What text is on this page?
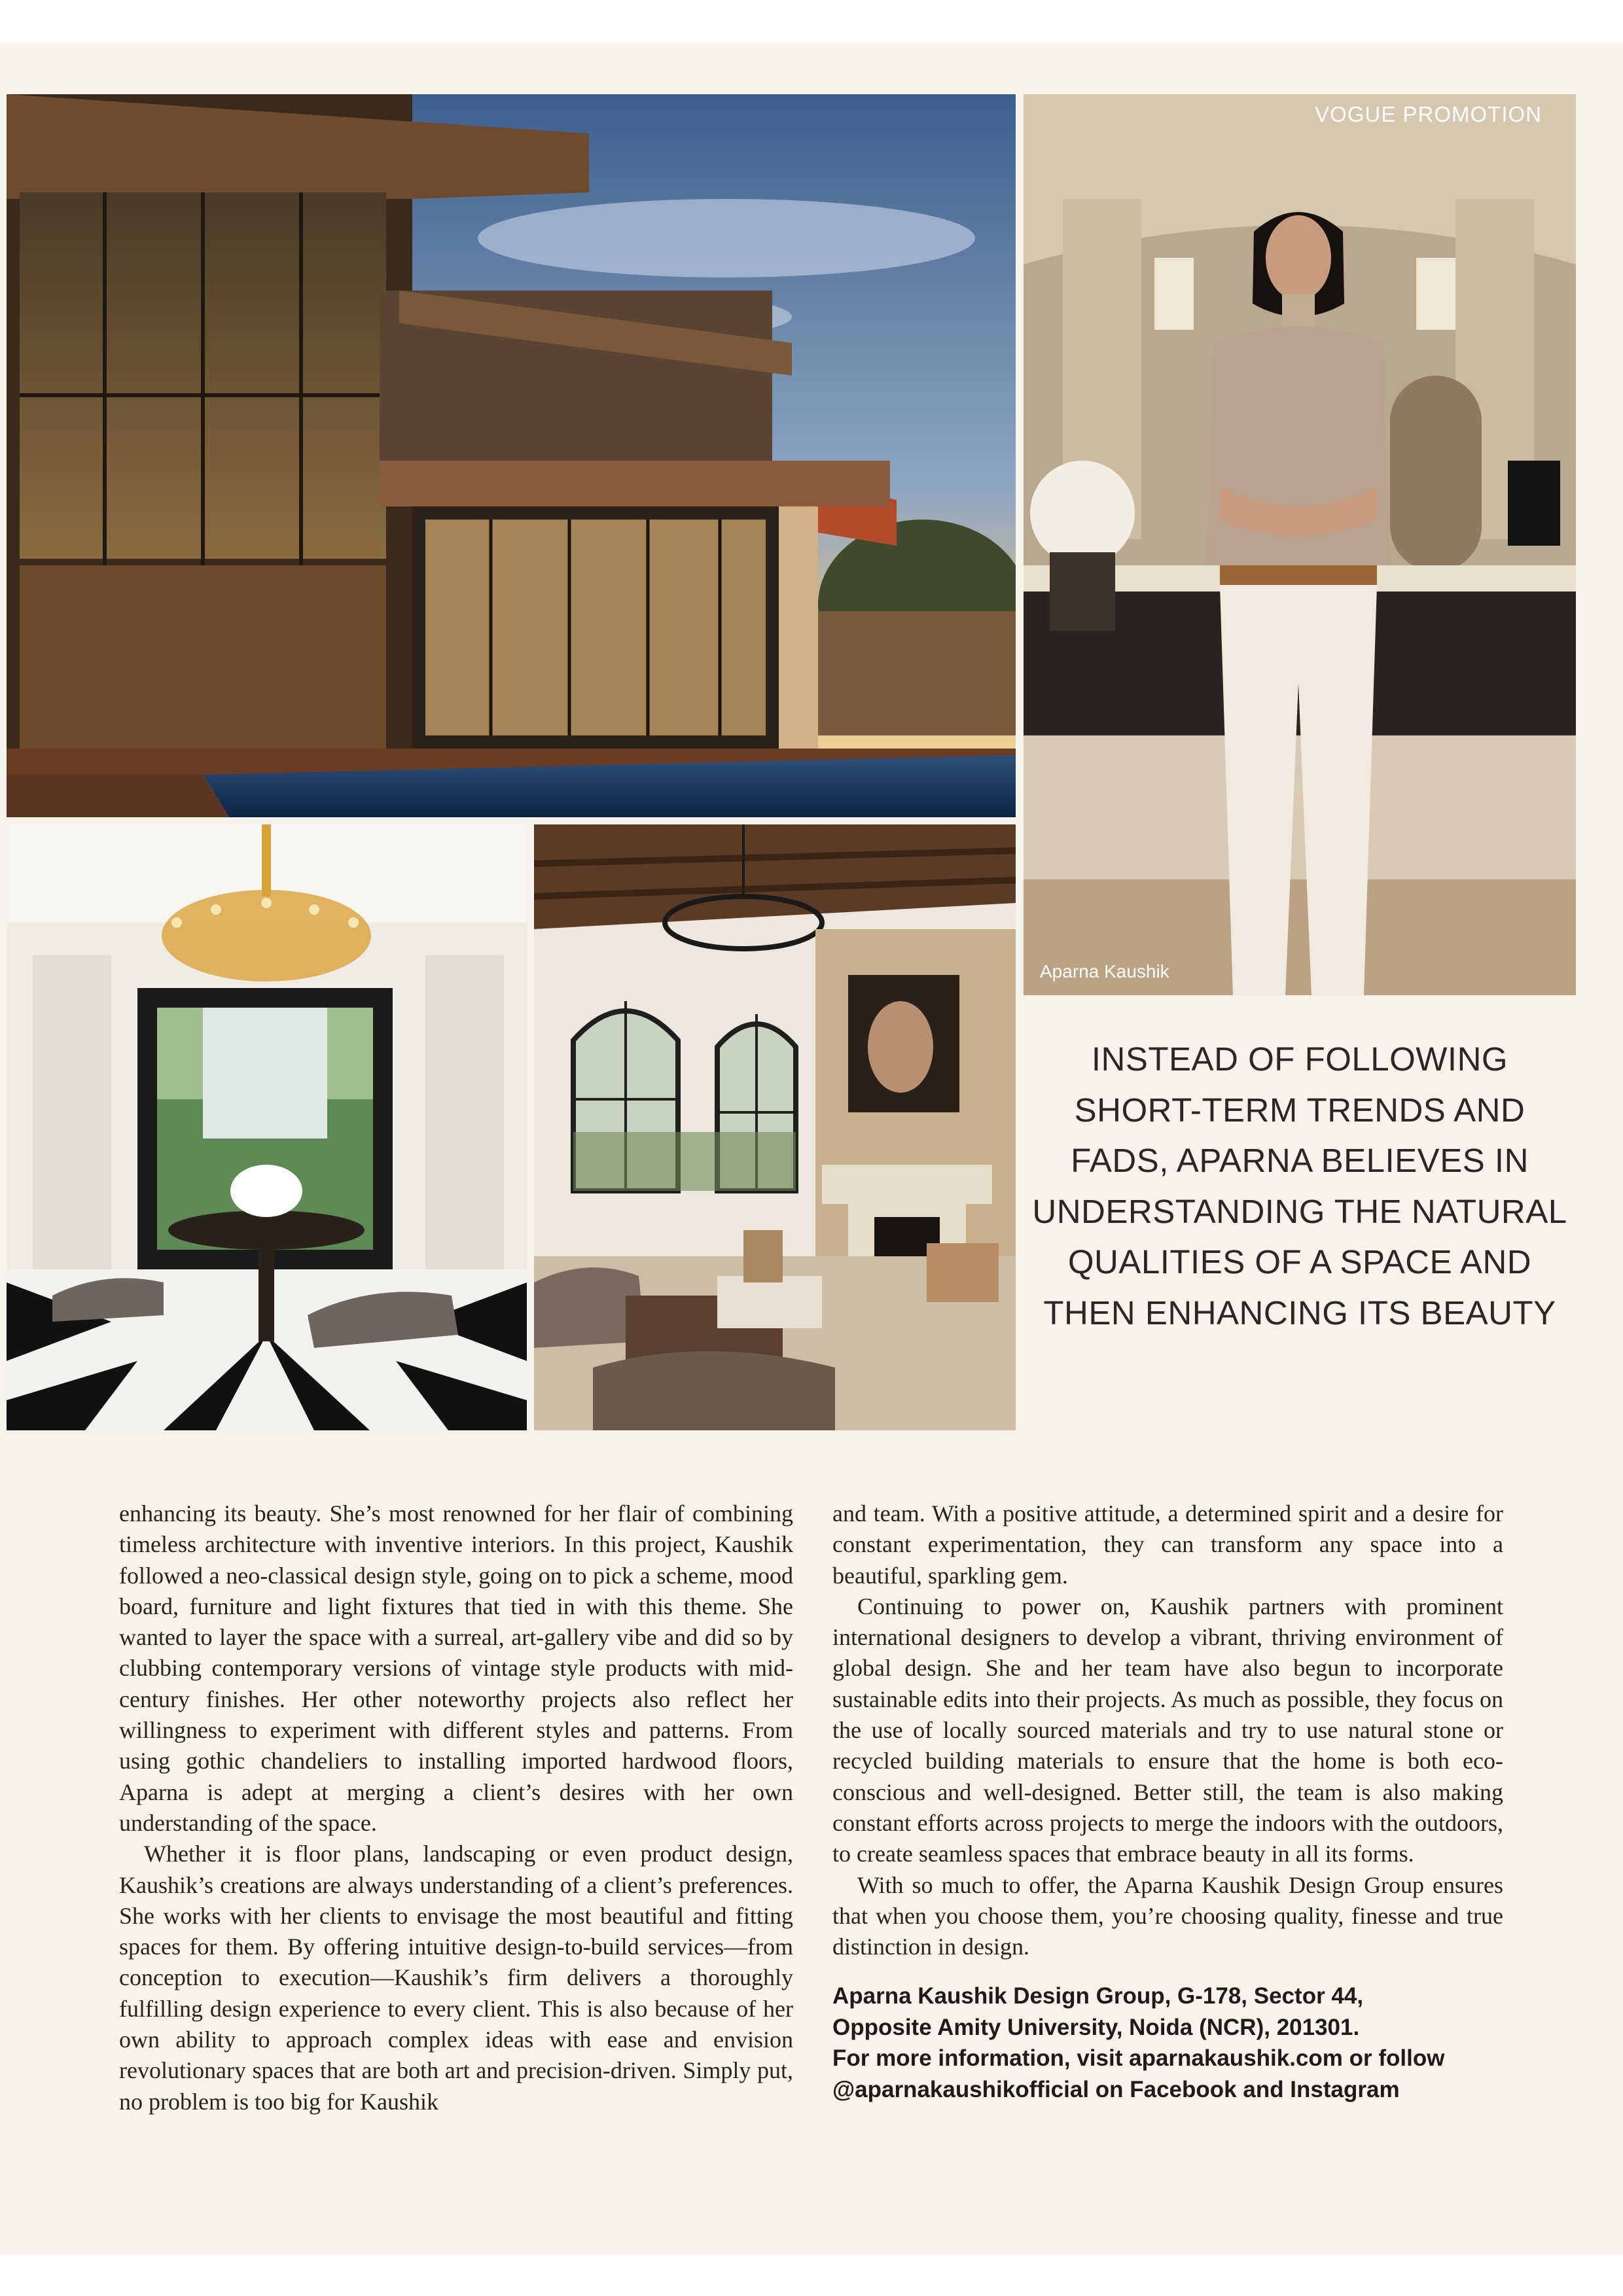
VOGUE PROMOTION
Aparna Kaushik
INSTEAD OF FOLLOWING SHORT-TERM TRENDS AND FADS, APARNA BELIEVES IN UNDERSTANDING THE NATURAL QUALITIES OF A SPACE AND THEN ENHANCING ITS BEAUTY

enhancing its beauty. She’s most renowned for her flair of combining timeless architecture with inventive interiors. In this project, Kaushik followed a neo-classical design style, going on to pick a scheme, mood board, furniture and light fixtures that tied in with this theme. She wanted to layer the space with a surreal, art-gallery vibe and did so by clubbing contemporary versions of vintage style products with mid-century finishes. Her other noteworthy projects also reflect her willingness to experiment with different styles and patterns. From using gothic chandeliers to installing imported hardwood floors, Aparna is adept at merging a client’s desires with her own understanding of the space.

Whether it is floor plans, landscaping or even product design, Kaushik’s creations are always understanding of a client’s preferences. She works with her clients to envisage the most beautiful and fitting spaces for them. By offering intuitive design-to-build services—from conception to execution—Kaushik’s firm delivers a thoroughly fulfilling design experience to every client. This is also because of her own ability to approach complex ideas with ease and envision revolutionary spaces that are both art and precision-driven. Simply put, no problem is too big for Kaushik

and team. With a positive attitude, a determined spirit and a desire for constant experimentation, they can transform any space into a beautiful, sparkling gem.

Continuing to power on, Kaushik partners with prominent international designers to develop a vibrant, thriving environment of global design. She and her team have also begun to incorporate sustainable edits into their projects. As much as possible, they focus on the use of locally sourced materials and try to use natural stone or recycled building materials to ensure that the home is both eco-conscious and well-designed. Better still, the team is also making constant efforts across projects to merge the indoors with the outdoors, to create seamless spaces that embrace beauty in all its forms.

With so much to offer, the Aparna Kaushik Design Group ensures that when you choose them, you’re choosing quality, finesse and true distinction in design.

Aparna Kaushik Design Group, G-178, Sector 44,
Opposite Amity University, Noida (NCR), 201301.
For more information, visit aparnakaushik.com or follow
@aparnakaushikofficial on Facebook and Instagram
